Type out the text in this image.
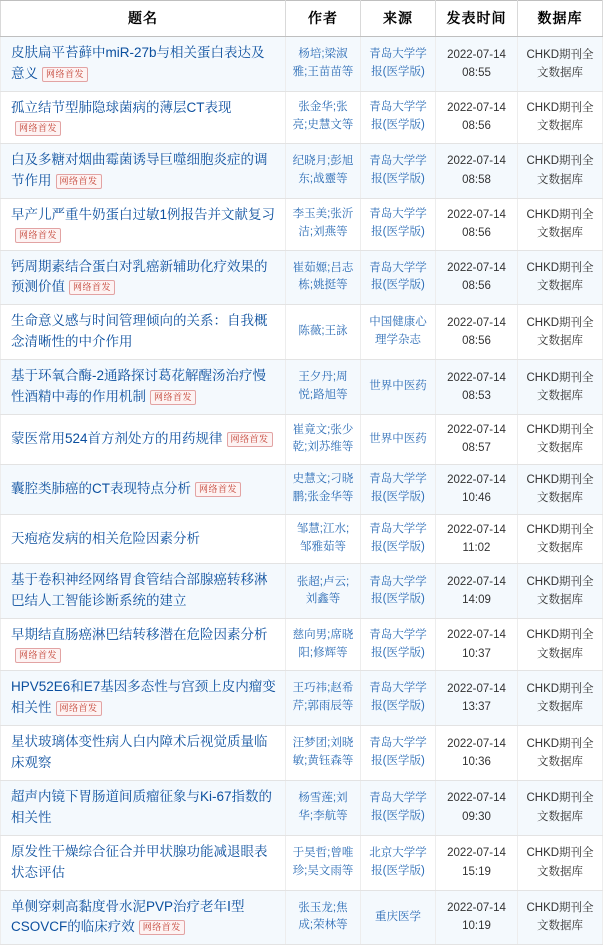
题名	作者	来源	发表时间	数据库
皮肤扁平苔藓中miR-27b与相关蛋白表达及意义 网络首发	杨培;梁淑雅;王苗苗等	青岛大学学报(医学版)	2022-07-14 08:55	CHKD期刊全文数据库
孤立结节型肺隐球菌病的薄层CT表现网络首发	张金华;张亮;史慧文等	青岛大学学报(医学版)	2022-07-14 08:56	CHKD期刊全文数据库
白及多糖对烟曲霉菌诱导巨噬细胞炎症的调节作用 网络首发	纪晓月;彭旭东;战靈等	青岛大学学报(医学版)	2022-07-14 08:58	CHKD期刊全文数据库
早产儿严重牛奶蛋白过敏1例报告并文献复习网络首发	李玉美;张沂洁;刘燕等	青岛大学学报(医学版)	2022-07-14 08:56	CHKD期刊全文数据库
钙周期素结合蛋白对乳癌新辅助化疗效果的预测价值 网络首发	崔茹嫄;吕志栋;姚挺等	青岛大学学报(医学版)	2022-07-14 08:56	CHKD期刊全文数据库
生命意义感与时间管理倾向的关系：自我概念清晰性的中介作用	陈薇;王詠	中国健康心理学杂志	2022-07-14 08:56	CHKD期刊全文数据库
基于环氧合酶-2通路探讨葛花解醒汤治疗慢性酒精中毒的作用机制 网络首发	王夕丹;周悦;路旭等	世界中医药	2022-07-14 08:53	CHKD期刊全文数据库
蒙医常用524首方剂处方的用药规律 网络首发	崔竟文;张少乾;刘苏维等	世界中医药	2022-07-14 08:57	CHKD期刊全文数据库
囊腔类肺癌的CT表现特点分析 网络首发	史慧文;刁晓鹏;张金华等	青岛大学学报(医学版)	2022-07-14 10:46	CHKD期刊全文数据库
天疱疮发病的相关危险因素分析	邹慧;江水;邹雅茹等	青岛大学学报(医学版)	2022-07-14 11:02	CHKD期刊全文数据库
基于卷积神经网络胃食管结合部腺癌转移淋巴结人工智能诊断系统的建立	张超;卢云;刘鑫等	青岛大学学报(医学版)	2022-07-14 14:09	CHKD期刊全文数据库
早期结直肠癌淋巴结转移潜在危险因素分析网络首发	慈向男;席晓阳;修辉等	青岛大学学报(医学版)	2022-07-14 10:37	CHKD期刊全文数据库
HPV52E6和E7基因多态性与宫颈上皮内瘤变相关性 网络首发	王巧祎;赵希芹;郭雨辰等	青岛大学学报(医学版)	2022-07-14 13:37	CHKD期刊全文数据库
星状玻璃体变性病人白内障术后视觉质量临床观察	汪梦团;刘晓敏;黄钰森等	青岛大学学报(医学版)	2022-07-14 10:36	CHKD期刊全文数据库
超声内镜下胃肠道间质瘤征象与Ki-67指数的相关性	杨雪莲;刘华;李航等	青岛大学学报(医学版)	2022-07-14 09:30	CHKD期刊全文数据库
原发性干燥综合征合并甲状腺功能减退眼表状态评估	于昊哲;曾唯珍;吴文雨等	北京大学学报(医学版)	2022-07-14 15:19	CHKD期刊全文数据库
单侧穿刺高黏度骨水泥PVP治疗老年Ⅰ型CSOVCF的临床疗效 网络首发	张玉龙;焦成;荣林等	重庆医学	2022-07-14 10:19	CHKD期刊全文数据库
